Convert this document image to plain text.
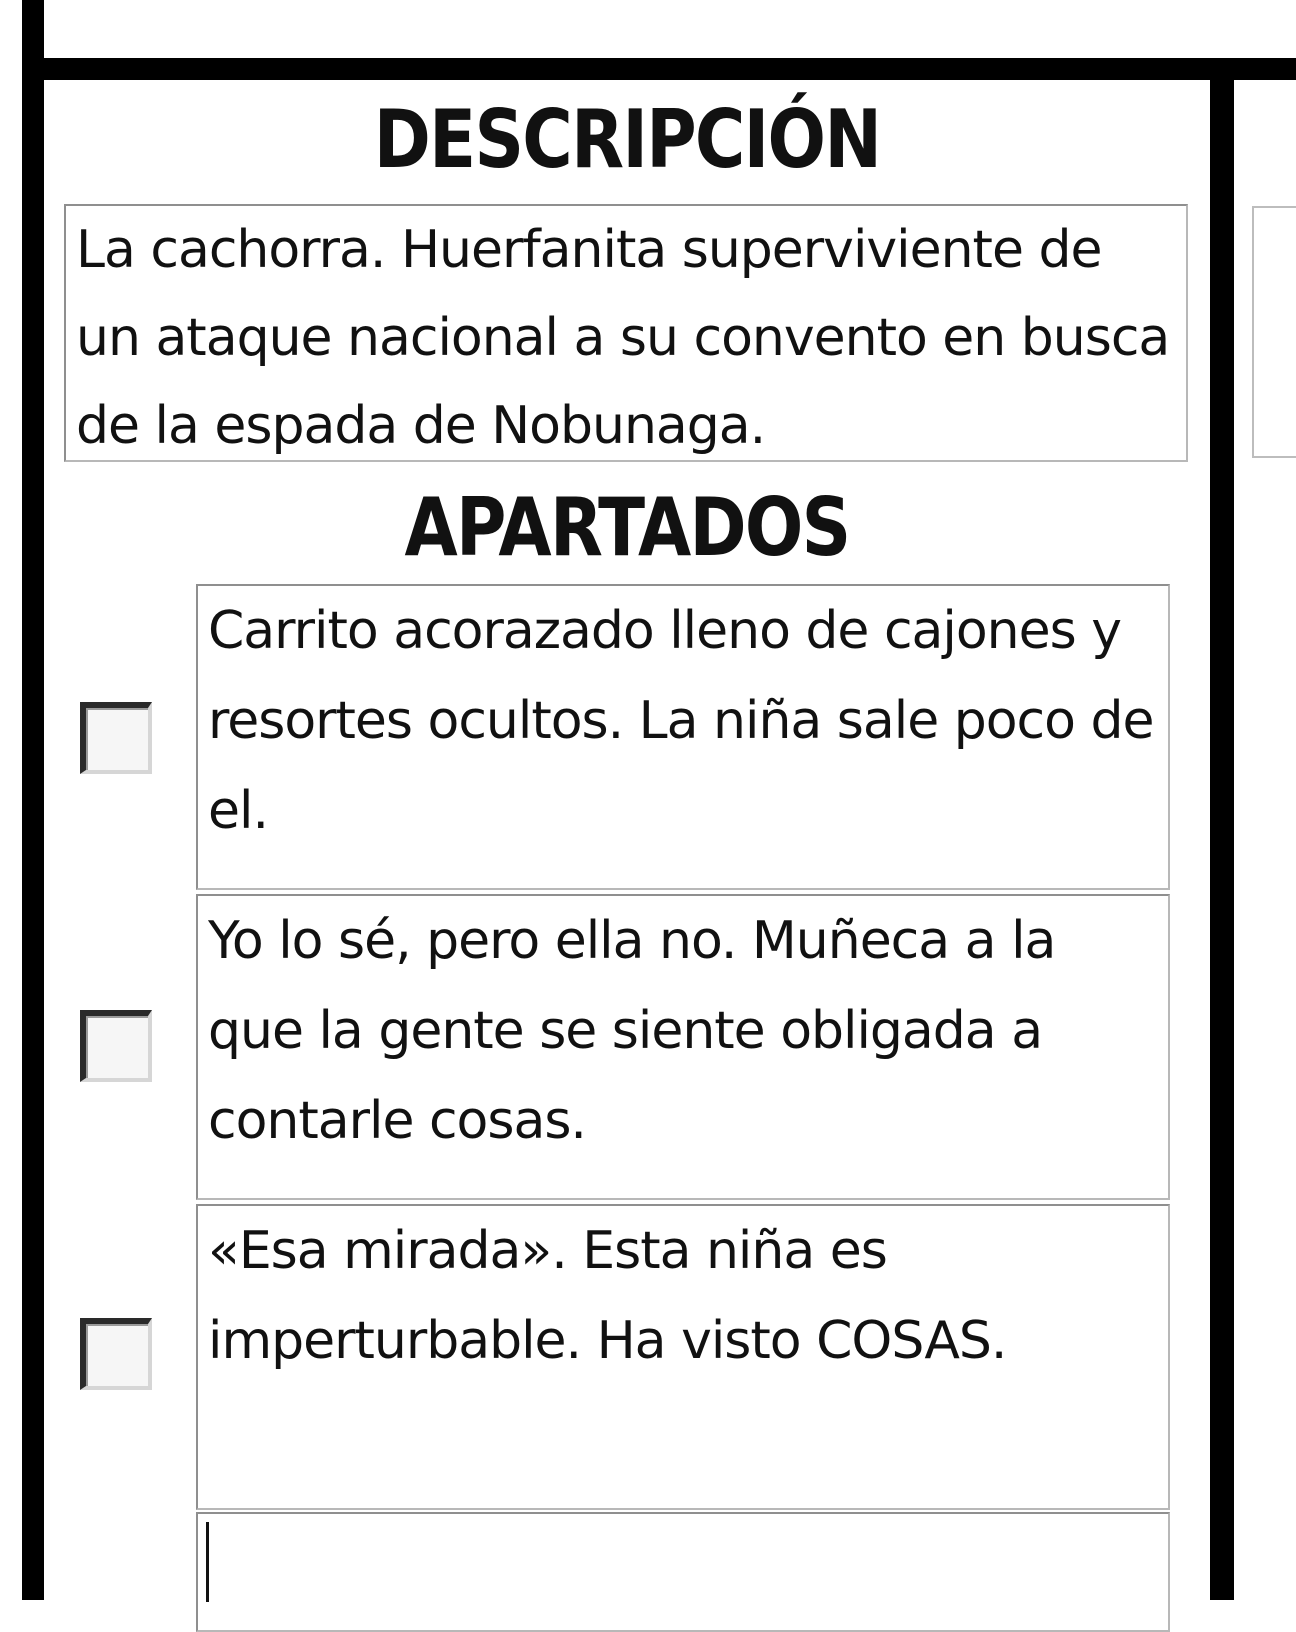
DESCRIPCIÓN
La cachorra. Huerfanita superviviente de un ataque nacional a su convento en busca de la espada de Nobunaga.
APARTADOS
Carrito acorazado lleno de cajones y resortes ocultos. La niña sale poco de el.
Yo lo sé, pero ella no. Muñeca a la que la gente se siente obligada a contarle cosas.
«Esa mirada». Esta niña es imperturbable. Ha visto COSAS.
